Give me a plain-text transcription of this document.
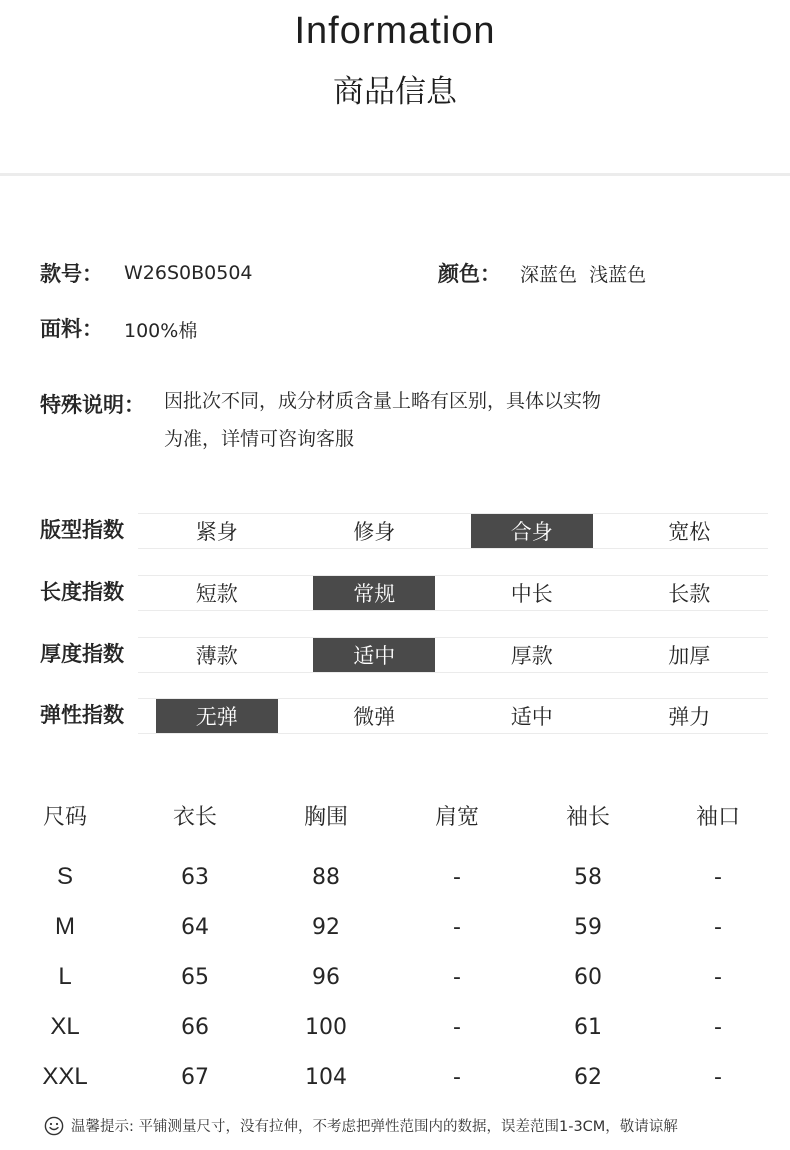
Information
商品信息
款号： W26S0B0504	颜色： 深蓝色  浅蓝色
面料： 100%棉
特殊说明： 因批次不同，成分材质含量上略有区别，具体以实物
为准，详情可咨询客服
版型指数	紧身	修身	合身	宽松
长度指数	短款	常规	中长	长款
厚度指数	薄款	适中	厚款	加厚
弹性指数	无弹	微弹	适中	弹力
尺码	衣长	胸围	肩宽	袖长	袖口
S	63	88	-	58	-
M	64	92	-	59	-
L	65	96	-	60	-
XL	66	100	-	61	-
XXL	67	104	-	62	-
温馨提示: 平铺测量尺寸，没有拉伸，不考虑把弹性范围内的数据，误差范围1-3CM，敬请谅解
